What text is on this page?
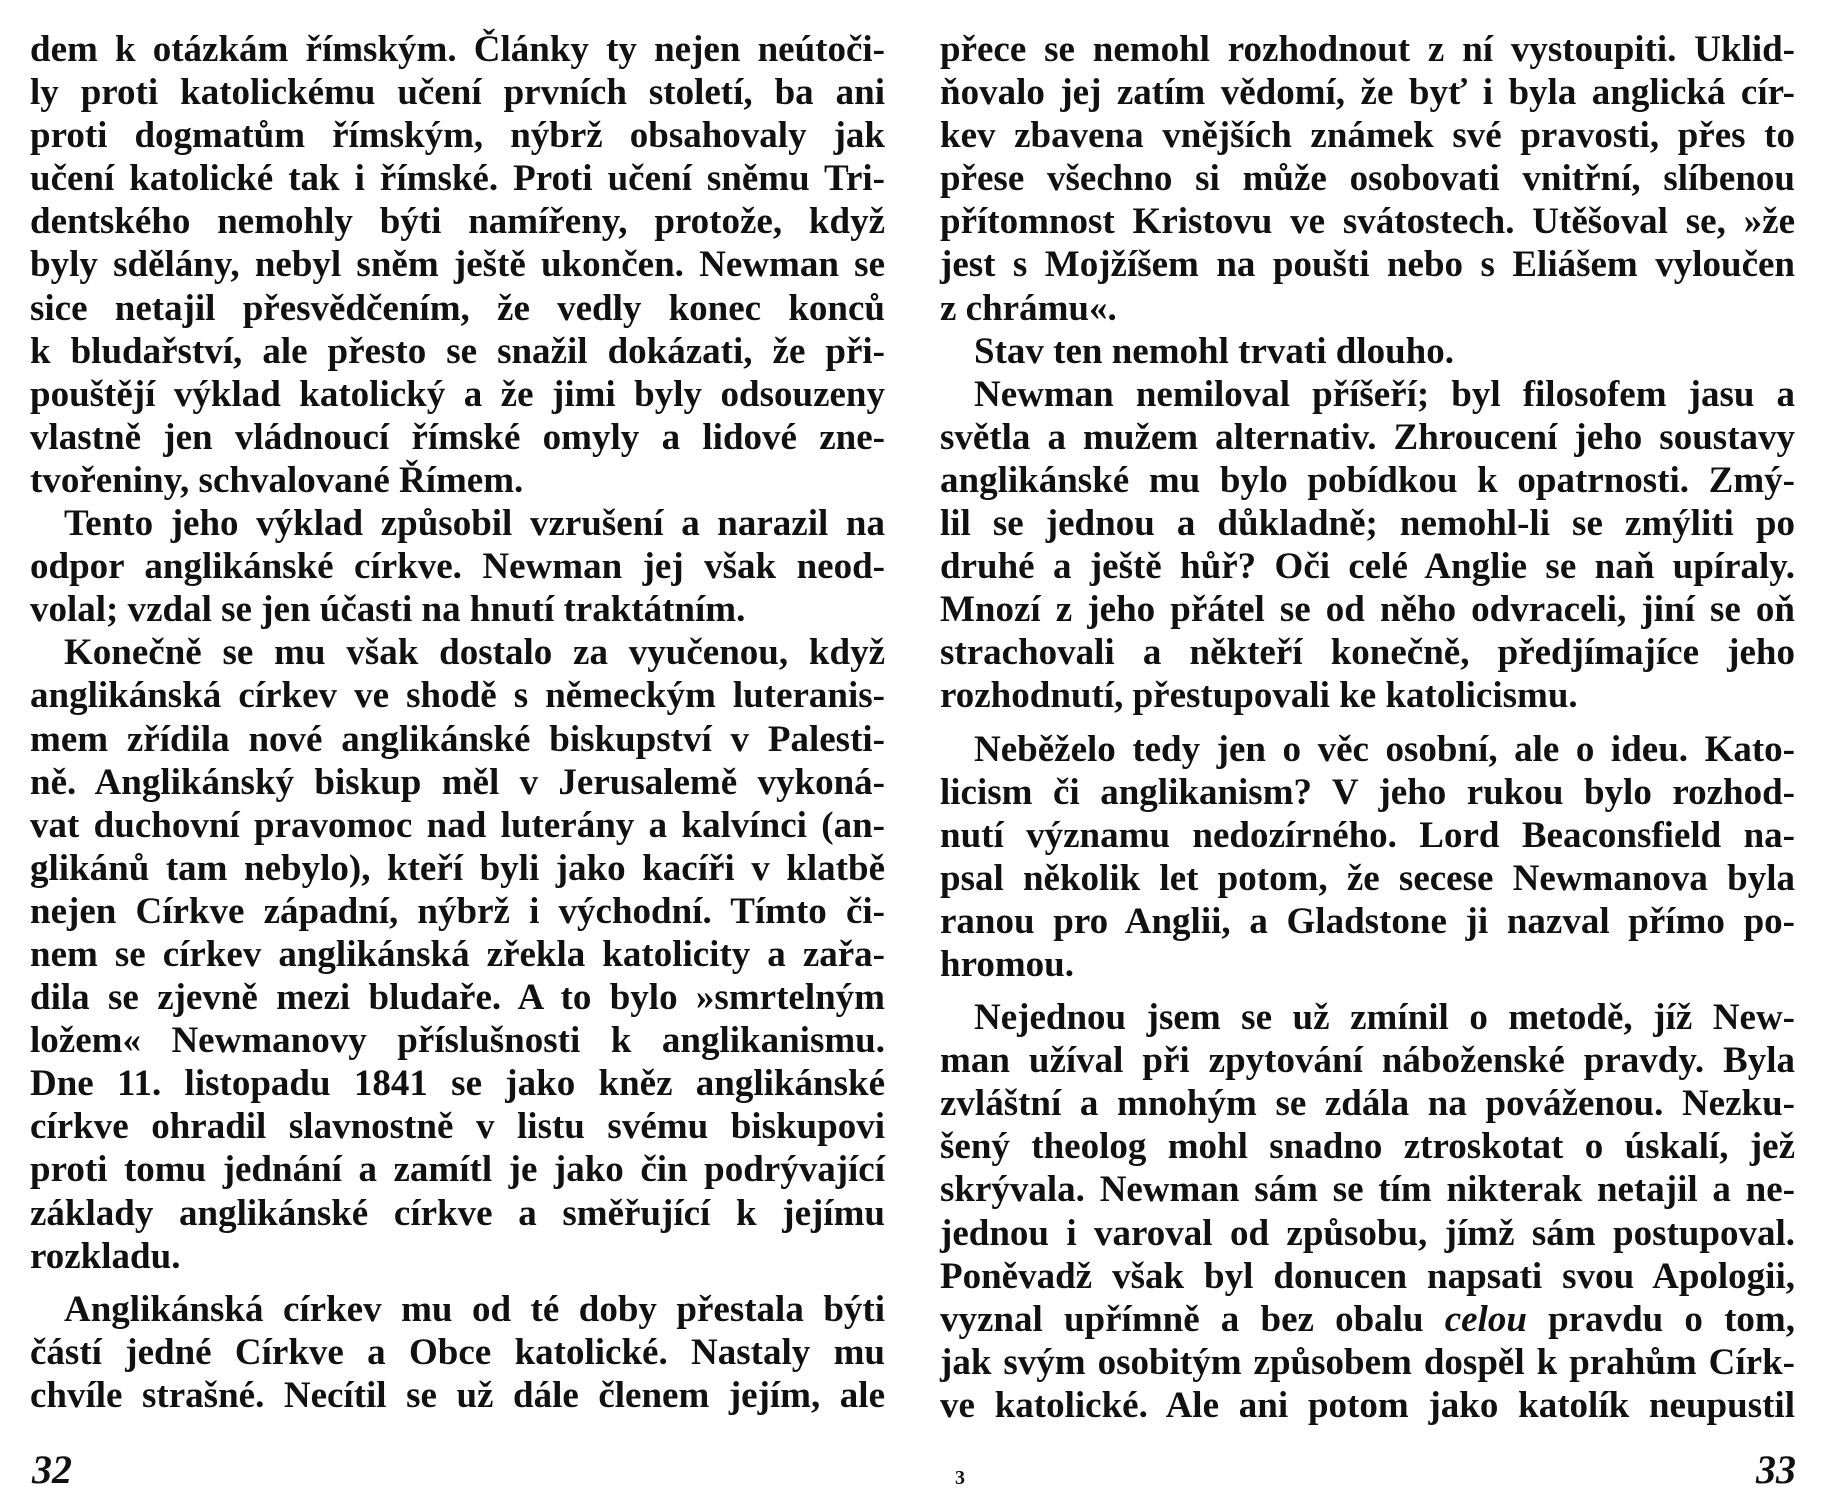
dem k otázkám římským. Články ty nejen neútoči-
ly proti katolickému učení prvních století, ba ani
proti dogmatům římským, nýbrž obsahovaly jak
učení katolické tak i římské. Proti učení sněmu Tri-
dentského nemohly býti namířeny, protože, když
byly sdělány, nebyl sněm ještě ukončen. Newman se
sice netajil přesvědčením, že vedly konec konců
k bludařství, ale přesto se snažil dokázati, že při-
pouštějí výklad katolický a že jimi byly odsouzeny
vlastně jen vládnoucí římské omyly a lidové zne-
tvořeniny, schvalované Římem.
Tento jeho výklad způsobil vzrušení a narazil na
odpor anglikánské církve. Newman jej však neod-
volal; vzdal se jen účasti na hnutí traktátním.
Konečně se mu však dostalo za vyučenou, když
anglikánská církev ve shodě s německým luteranis-
mem zřídila nové anglikánské biskupství v Palesti-
ně. Anglikánský biskup měl v Jerusalemě vykoná-
vat duchovní pravomoc nad luterány a kalvínci (an-
glikánů tam nebylo), kteří byli jako kacíři v klatbě
nejen Církve západní, nýbrž i východní. Tímto či-
nem se církev anglikánská zřekla katolicity a zařa-
dila se zjevně mezi bludaře. A to bylo »smrtelným
ložem« Newmanovy příslušnosti k anglikanismu.
Dne 11. listopadu 1841 se jako kněz anglikánské
církve ohradil slavnostně v listu svému biskupovi
proti tomu jednání a zamítl je jako čin podrývající
základy anglikánské církve a směřující k jejímu
rozkladu.
Anglikánská církev mu od té doby přestala býti
částí jedné Církve a Obce katolické. Nastaly mu
chvíle strašné. Necítil se už dále členem jejím, ale
přece se nemohl rozhodnout z ní vystoupiti. Uklid-
ňovalo jej zatím vědomí, že byť i byla anglická cír-
kev zbavena vnějších známek své pravosti, přes to
přese všechno si může osobovati vnitřní, slíbenou
přítomnost Kristovu ve svátostech. Utěšoval se, »že
jest s Mojžíšem na poušti nebo s Eliášem vyloučen
z chrámu«.
Stav ten nemohl trvati dlouho.
Newman nemiloval příšeří; byl filosofem jasu a
světla a mužem alternativ. Zhroucení jeho soustavy
anglikánské mu bylo pobídkou k opatrnosti. Zmý-
lil se jednou a důkladně; nemohl-li se zmýliti po
druhé a ještě hůř? Oči celé Anglie se naň upíraly.
Mnozí z jeho přátel se od něho odvraceli, jiní se oň
strachovali a někteří konečně, předjímajíce jeho
rozhodnutí, přestupovali ke katolicismu.
Neběželo tedy jen o věc osobní, ale o ideu. Kato-
licism či anglikanism? V jeho rukou bylo rozhod-
nutí významu nedozírného. Lord Beaconsfield na-
psal několik let potom, že secese Newmanova byla
ranou pro Anglii, a Gladstone ji nazval přímo po-
hromou.
Nejednou jsem se už zmínil o metodě, jíž New-
man užíval při zpytování náboženské pravdy. Byla
zvláštní a mnohým se zdála na pováženou. Nezku-
šený theolog mohl snadno ztroskotat o úskalí, jež
skrývala. Newman sám se tím nikterak netajil a ne-
jednou i varoval od způsobu, jímž sám postupoval.
Poněvadž však byl donucen napsati svou Apologii,
vyznal upřímně a bez obalu celou pravdu o tom,
jak svým osobitým způsobem dospěl k prahům Círk-
ve katolické. Ale ani potom jako katolík neupustil
32	3	33
